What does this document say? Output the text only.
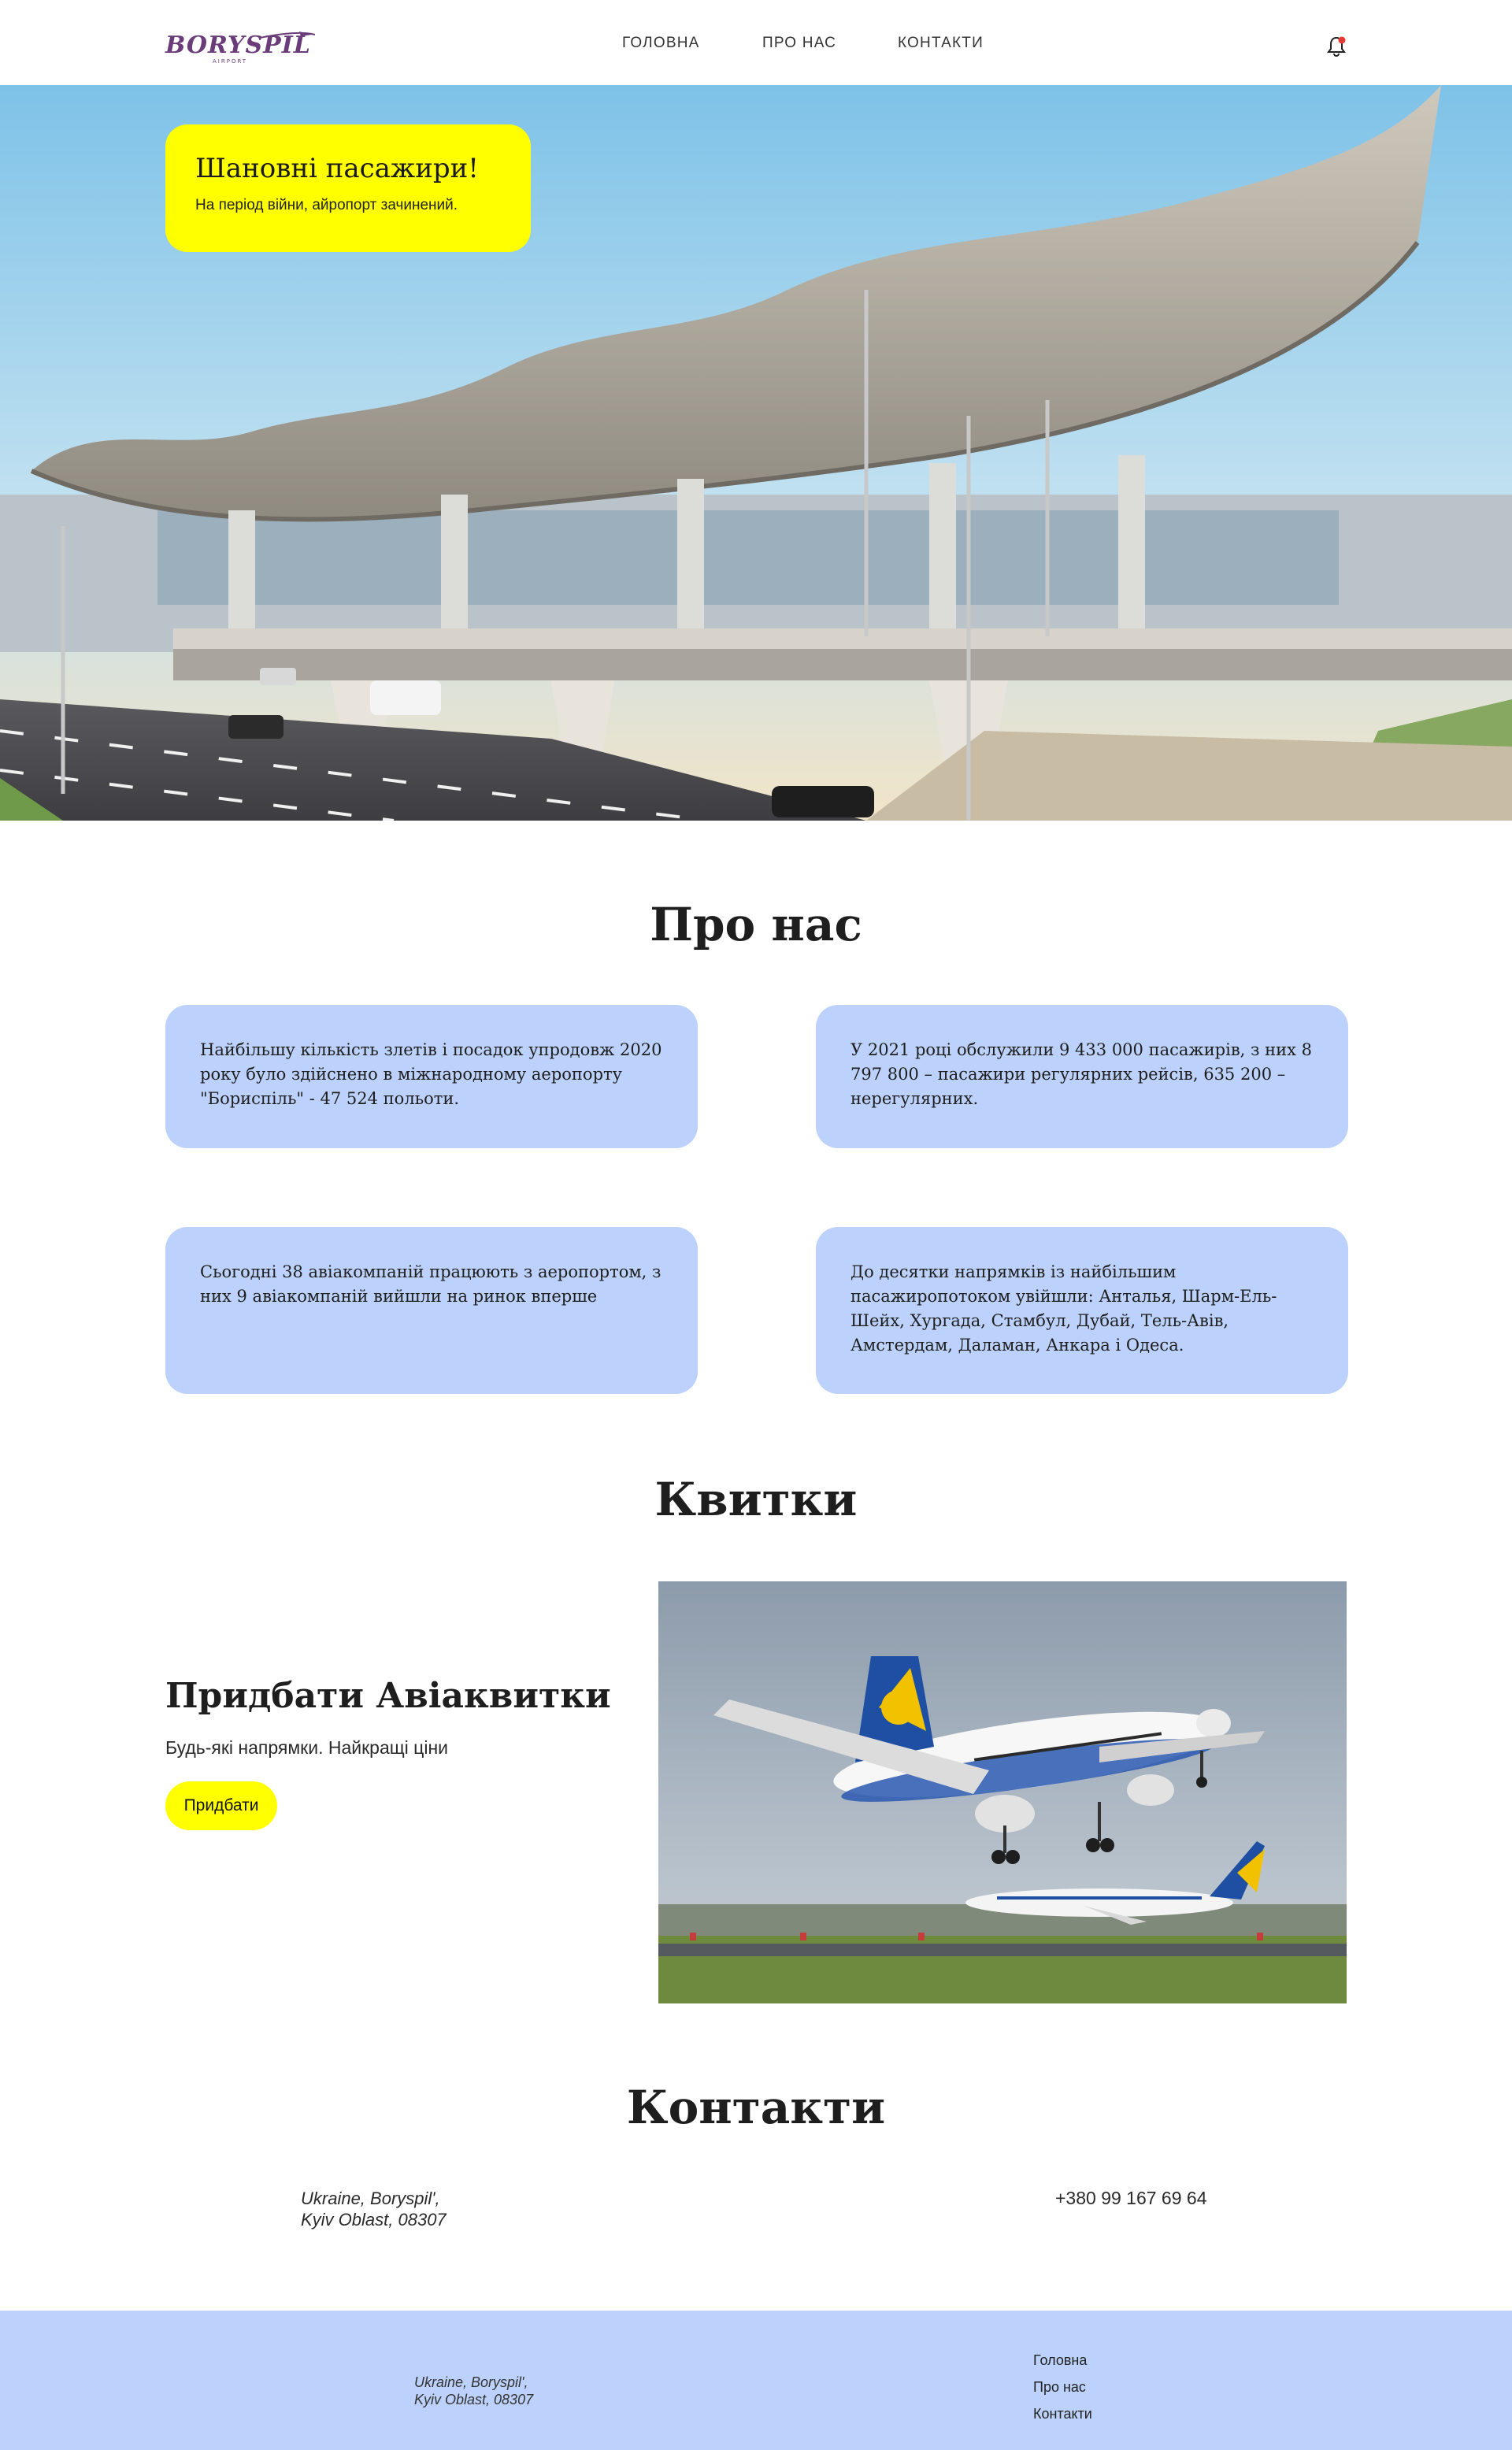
BORYSPIL
AIRPORT
ГОЛОВНА	ПРО НАС	КОНТАКТИ
Шановні пасажири!
На період війни, айропорт зачинений.
Про нас
Найбільшу кількість злетів і посадок упродовж 2020 року було здійснено в міжнародному аеропорту "Бориспіль" - 47 524 польоти.
У 2021 році обслужили 9 433 000 пасажирів, з них 8 797 800 – пасажири регулярних рейсів, 635 200 – нерегулярних.
Сьогодні 38 авіакомпаній працюють з аеропортом, з них 9 авіакомпаній вийшли на ринок вперше
До десятки напрямків із найбільшим пасажиропотоком увійшли: Анталья, Шарм-Ель-Шейх, Хургада, Стамбул, Дубай, Тель-Авів, Амстердам, Даламан, Анкара і Одеса.
Квитки
Придбати Авіаквитки

Будь-які напрямки. Найкращі ціни

Придбати
Контакти
Ukraine, Boryspil',
Kyiv Oblast, 08307
+380 99 167 69 64
Ukraine, Boryspil',
Kyiv Oblast, 08307
Головна
Про нас
Контакти
